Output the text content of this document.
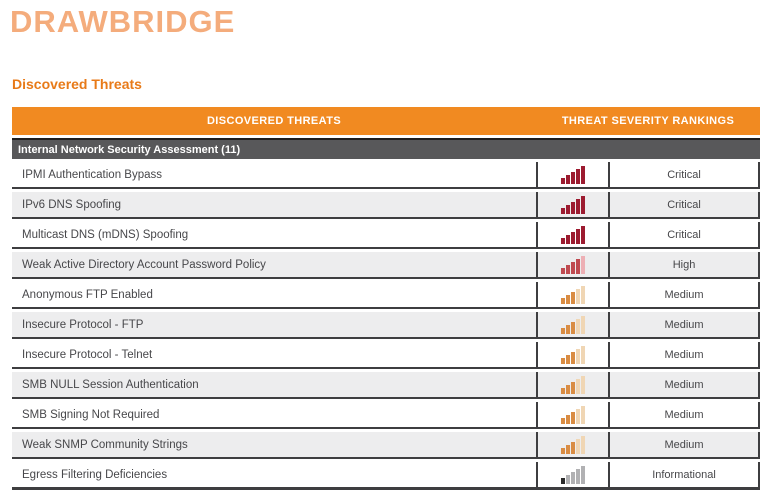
DRAWBRIDGE
Discovered Threats
DISCOVERED THREATS	THREAT SEVERITY RANKINGS	
Internal Network Security Assessment (11)		
IPMI Authentication Bypass		Critical
IPv6 DNS Spoofing		Critical
Multicast DNS (mDNS) Spoofing		Critical
Weak Active Directory Account Password Policy		High
Anonymous FTP Enabled		Medium
Insecure Protocol - FTP		Medium
Insecure Protocol - Telnet		Medium
SMB NULL Session Authentication		Medium
SMB Signing Not Required		Medium
Weak SNMP Community Strings		Medium
Egress Filtering Deficiencies		Informational
